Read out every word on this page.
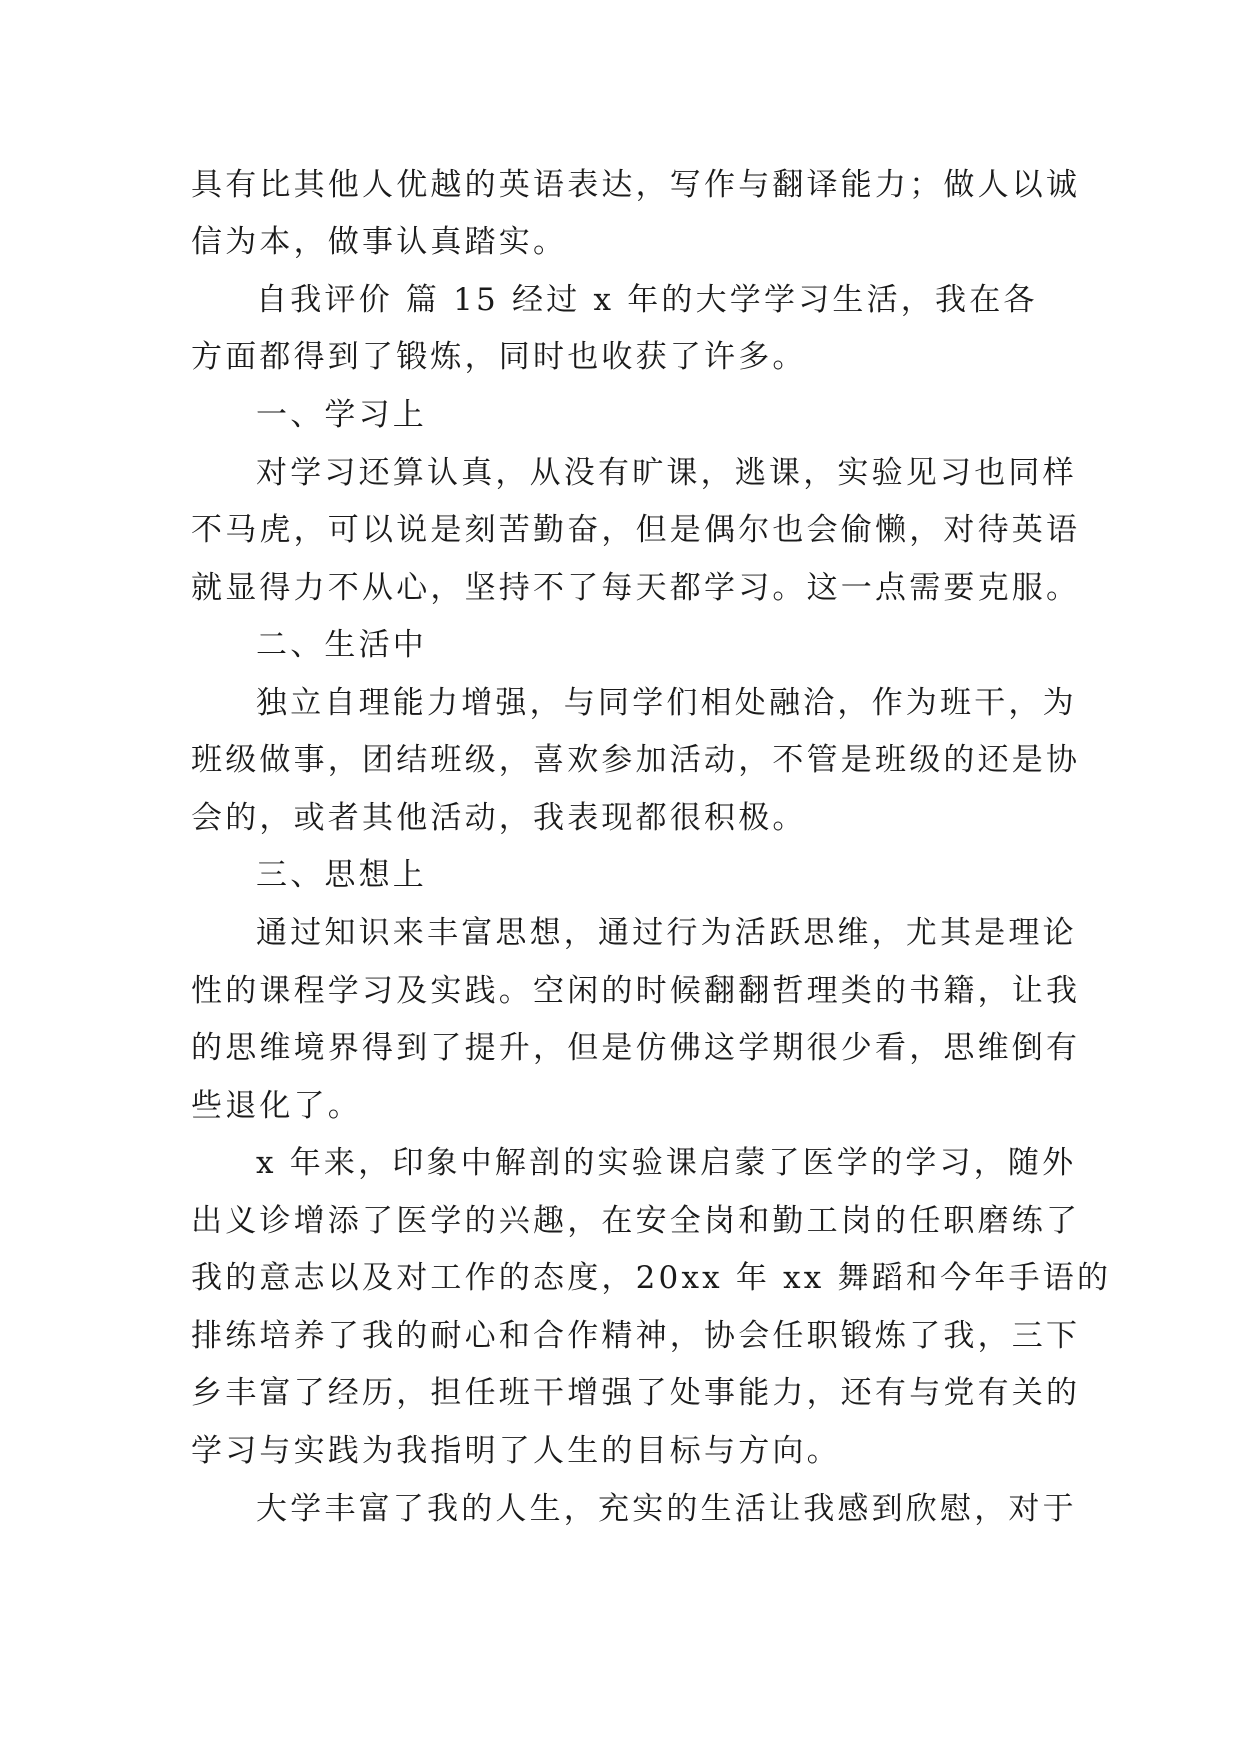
具有比其他人优越的英语表达，写作与翻译能力；做人以诚
信为本，做事认真踏实。
自我评价 篇 15 经过 x 年的大学学习生活，我在各
方面都得到了锻炼，同时也收获了许多。
一、学习上
对学习还算认真，从没有旷课，逃课，实验见习也同样
不马虎，可以说是刻苦勤奋，但是偶尔也会偷懒，对待英语
就显得力不从心，坚持不了每天都学习。这一点需要克服。
二、生活中
独立自理能力增强，与同学们相处融洽，作为班干，为
班级做事，团结班级，喜欢参加活动，不管是班级的还是协
会的，或者其他活动，我表现都很积极。
三、思想上
通过知识来丰富思想，通过行为活跃思维，尤其是理论
性的课程学习及实践。空闲的时候翻翻哲理类的书籍，让我
的思维境界得到了提升，但是仿佛这学期很少看，思维倒有
些退化了。
x 年来，印象中解剖的实验课启蒙了医学的学习，随外
出义诊增添了医学的兴趣，在安全岗和勤工岗的任职磨练了
我的意志以及对工作的态度，20xx 年 xx 舞蹈和今年手语的
排练培养了我的耐心和合作精神，协会任职锻炼了我，三下
乡丰富了经历，担任班干增强了处事能力，还有与党有关的
学习与实践为我指明了人生的目标与方向。
大学丰富了我的人生，充实的生活让我感到欣慰，对于
